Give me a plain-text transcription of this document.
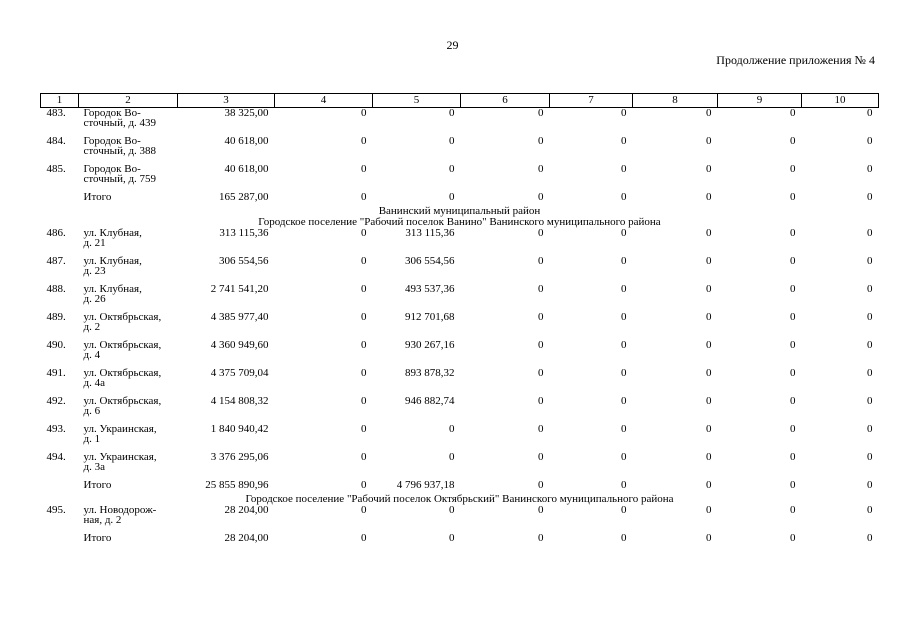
29
Продолжение приложения № 4
1	2	3	4	5	6	7	8	9	10
483.	Городок Во-
сточный, д. 439	38 325,00	0	0	0	0	0	0	0
484.	Городок Во-
сточный, д. 388	40 618,00	0	0	0	0	0	0	0
485.	Городок Во-
сточный, д. 759	40 618,00	0	0	0	0	0	0	0
	Итого	165 287,00	0	0	0	0	0	0	0
Ванинский муниципальный район									
Городское поселение "Рабочий поселок Ванино" Ванинского муниципального района									
486.	ул. Клубная,
д. 21	313 115,36	0	313 115,36	0	0	0	0	0
487.	ул. Клубная,
д. 23	306 554,56	0	306 554,56	0	0	0	0	0
488.	ул. Клубная,
д. 26	2 741 541,20	0	493 537,36	0	0	0	0	0
489.	ул. Октябрьская,
д. 2	4 385 977,40	0	912 701,68	0	0	0	0	0
490.	ул. Октябрьская,
д. 4	4 360 949,60	0	930 267,16	0	0	0	0	0
491.	ул. Октябрьская,
д. 4а	4 375 709,04	0	893 878,32	0	0	0	0	0
492.	ул. Октябрьская,
д. 6	4 154 808,32	0	946 882,74	0	0	0	0	0
493.	ул. Украинская,
д. 1	1 840 940,42	0	0	0	0	0	0	0
494.	ул. Украинская,
д. 3а	3 376 295,06	0	0	0	0	0	0	0
	Итого	25 855 890,96	0	4 796 937,18	0	0	0	0	0
Городское поселение "Рабочий поселок Октябрьский" Ванинского муниципального района									
495.	ул. Новодорож-
ная, д. 2	28 204,00	0	0	0	0	0	0	0
	Итого	28 204,00	0	0	0	0	0	0	0
